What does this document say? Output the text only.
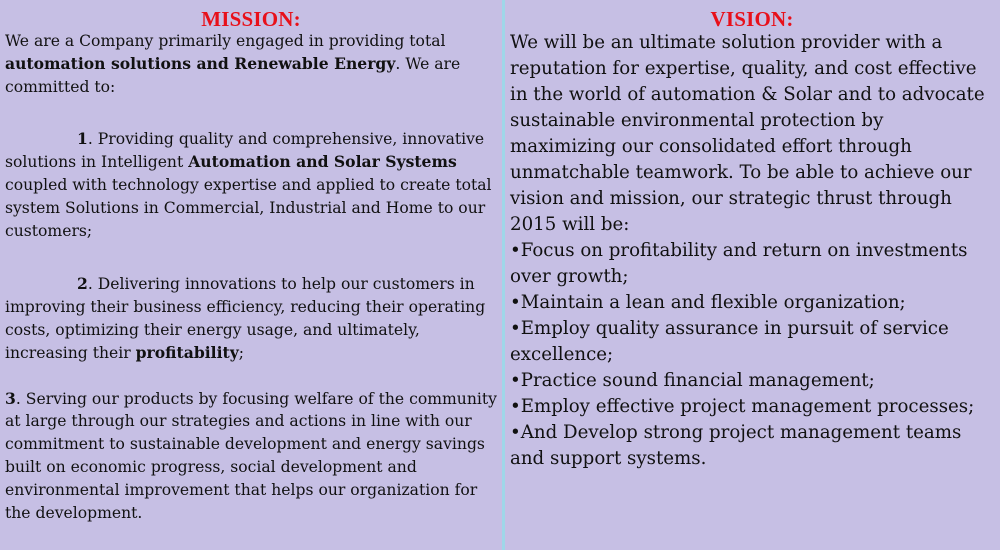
MISSION:

We are a Company primarily engaged in providing total automation solutions and Renewable Energy. We are committed to:

1. Providing quality and comprehensive, innovative solutions in Intelligent Automation and Solar Systems coupled with technology expertise and applied to create total system Solutions in Commercial, Industrial and Home to our customers;

2. Delivering innovations to help our customers in improving their business efficiency, reducing their operating costs, optimizing their energy usage, and ultimately, increasing their profitability;

3. Serving our products by focusing welfare of the community at large through our strategies and actions in line with our commitment to sustainable development and energy savings built on economic progress, social development and environmental improvement that helps our organization for the development.

VISION:

We will be an ultimate solution provider with a reputation for expertise, quality, and cost effective in the world of automation & Solar and to advocate sustainable environmental protection by maximizing our consolidated effort through unmatchable teamwork. To be able to achieve our vision and mission, our strategic thrust through 2015 will be:

•Focus on profitability and return on investments over growth;

•Maintain a lean and flexible organization;

•Employ quality assurance in pursuit of service excellence;

•Practice sound financial management;

•Employ effective project management processes;

•And Develop strong project management teams and support systems.
